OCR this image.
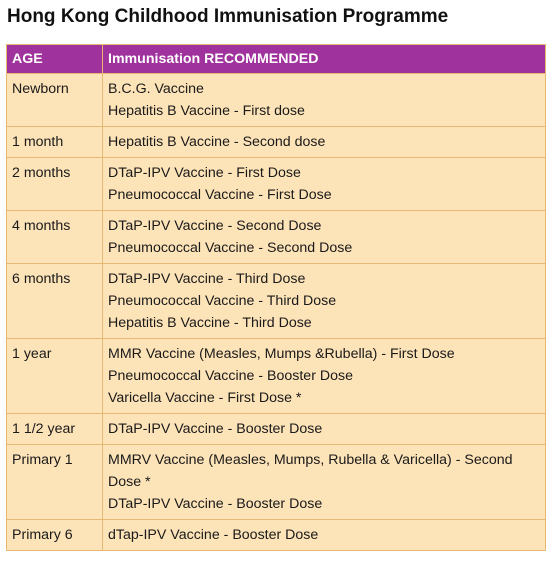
Hong Kong Childhood Immunisation Programme
AGE	Immunisation RECOMMENDED
Newborn	B.C.G. Vaccine
Hepatitis B Vaccine - First dose

1 month	Hepatitis B Vaccine - Second dose

2 months	DTaP-IPV Vaccine - First Dose
Pneumococcal Vaccine - First Dose

4 months	DTaP-IPV Vaccine - Second Dose
Pneumococcal Vaccine - Second Dose

6 months	DTaP-IPV Vaccine - Third Dose
Pneumococcal Vaccine - Third Dose
Hepatitis B Vaccine - Third Dose

1 year	MMR Vaccine (Measles, Mumps &Rubella) - First Dose
Pneumococcal Vaccine - Booster Dose
Varicella Vaccine - First Dose *

1 1/2 year	DTaP-IPV Vaccine - Booster Dose

Primary 1	MMRV Vaccine (Measles, Mumps, Rubella & Varicella) - Second Dose *
DTaP-IPV Vaccine - Booster Dose

Primary 6	dTap-IPV Vaccine - Booster Dose
